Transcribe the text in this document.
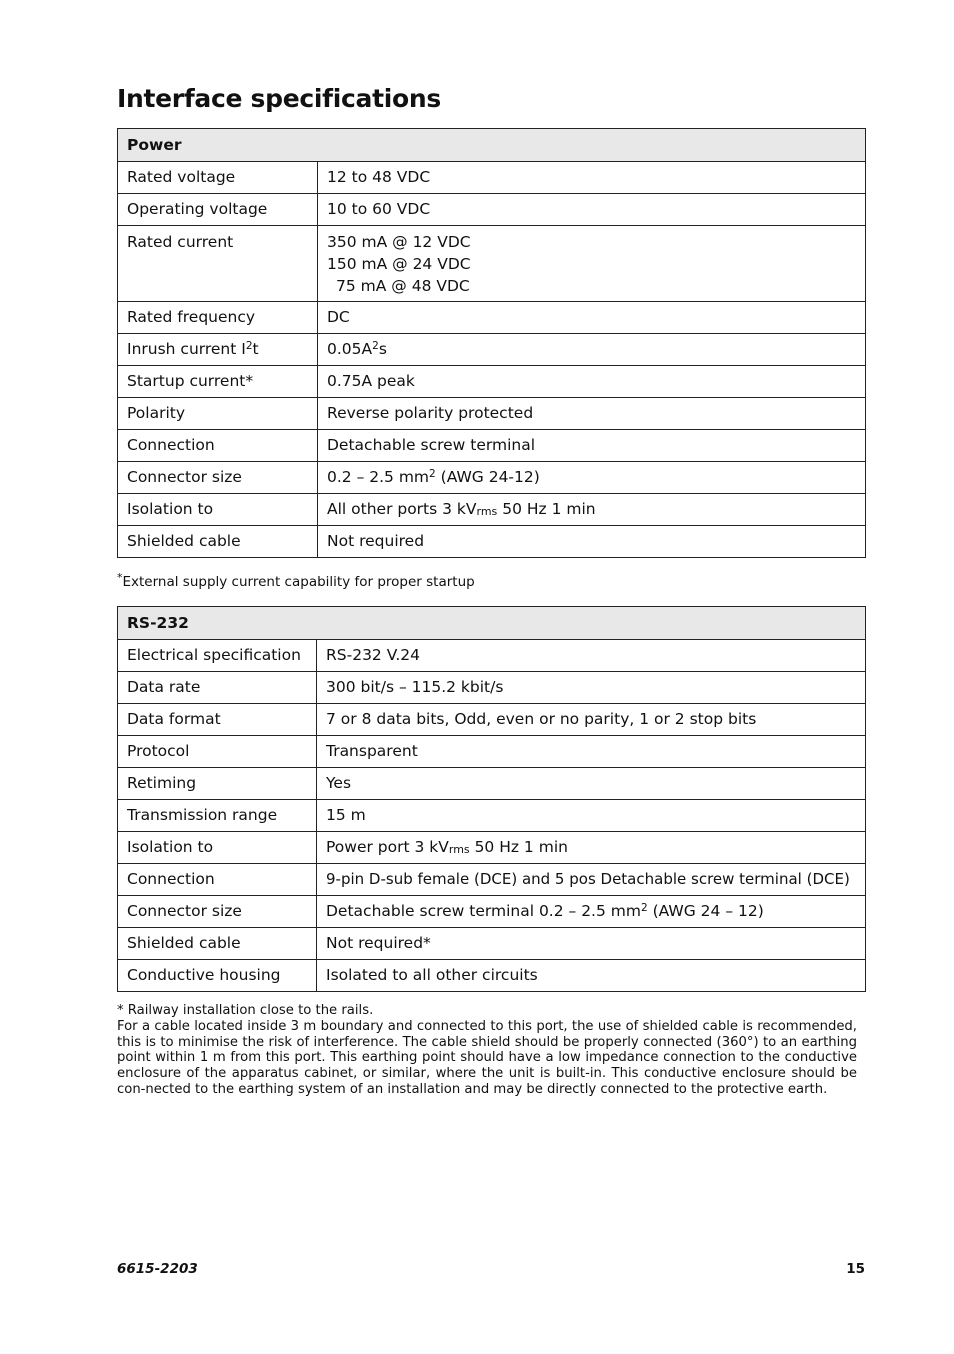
Interface specifications
Power	
Rated voltage	12 to 48 VDC
Operating voltage	10 to 60 VDC
Rated current	350 mA @ 12 VDC
150 mA @ 24 VDC
75 mA @ 48 VDC

Rated frequency	DC
Inrush current $I^2t$	$0.05A^2s$
Startup current*	0.75A peak
Polarity	Reverse polarity protected
Connection	Detachable screw terminal
Connector size	0.2 – 2.5 $mm^2$ (AWG 24-12)
Isolation to	All other ports 3 $kV_{rms}$ 50 Hz 1 min
Shielded cable	Not required

*External supply current capability for proper startup

RS-232	
Electrical specification	RS-232 V.24
Data rate	300 bit/s – 115.2 kbit/s
Data format	7 or 8 data bits, Odd, even or no parity, 1 or 2 stop bits
Protocol	Transparent
Retiming	Yes
Transmission range	15 m
Isolation to	Power port 3 $kV_{rms}$ 50 Hz 1 min
Connection	9-pin D-sub female (DCE) and 5 pos Detachable screw terminal (DCE)
Connector size	Detachable screw terminal 0.2 – 2.5 $mm^2$ (AWG 24 – 12)
Shielded cable	Not required*
Conductive housing	Isolated to all other circuits

* Railway installation close to the rails.

For a cable located inside 3 m boundary and connected to this port, the use of shielded cable is recommended, this is to minimise the risk of interference. The cable shield should be properly connected (360°) to an earthing point within 1 m from this port. This earthing point should have a low impedance connection to the conductive enclosure of the apparatus cabinet, or similar, where the unit is built-in. This conductive enclosure should be con-nected to the earthing system of an installation and may be directly connected to the protective earth.

6615-2203	15
